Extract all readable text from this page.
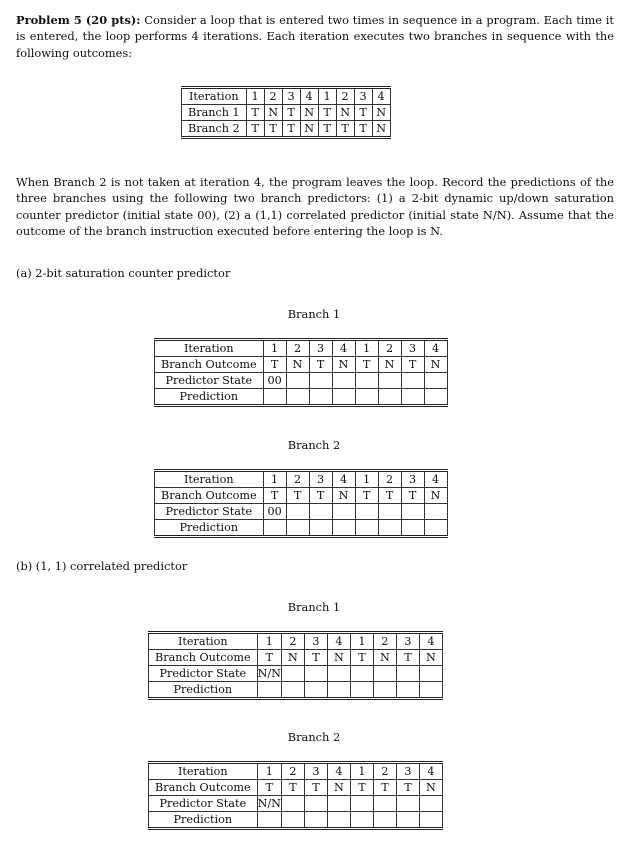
Problem 5 (20 pts): Consider a loop that is entered two times in sequence in a program. Each time it is entered, the loop performs 4 iterations. Each iteration executes two branches in sequence with the following outcomes:

Iteration	1	2	3	4	1	2	3	4
Branch 1	T	N	T	N	T	N	T	N
Branch 2	T	T	T	N	T	T	T	N

When Branch 2 is not taken at iteration 4, the program leaves the loop. Record the predictions of the three branches using the following two branch predictors: (1) a 2-bit dynamic up/down saturation counter predictor (initial state 00), (2) a (1,1) correlated predictor (initial state N/N). Assume that the outcome of the branch instruction executed before entering the loop is N.

(a) 2-bit saturation counter predictor

Branch 1

Iteration	1	2	3	4	1	2	3	4
Branch Outcome	T	N	T	N	T	N	T	N
Predictor State	00							
Prediction								

Branch 2

Iteration	1	2	3	4	1	2	3	4
Branch Outcome	T	T	T	N	T	T	T	N
Predictor State	00							
Prediction								

(b) (1, 1) correlated predictor

Branch 1

Iteration	1	2	3	4	1	2	3	4
Branch Outcome	T	N	T	N	T	N	T	N
Predictor State	N/N							
Prediction								

Branch 2

Iteration	1	2	3	4	1	2	3	4
Branch Outcome	T	T	T	N	T	T	T	N
Predictor State	N/N							
Prediction								
